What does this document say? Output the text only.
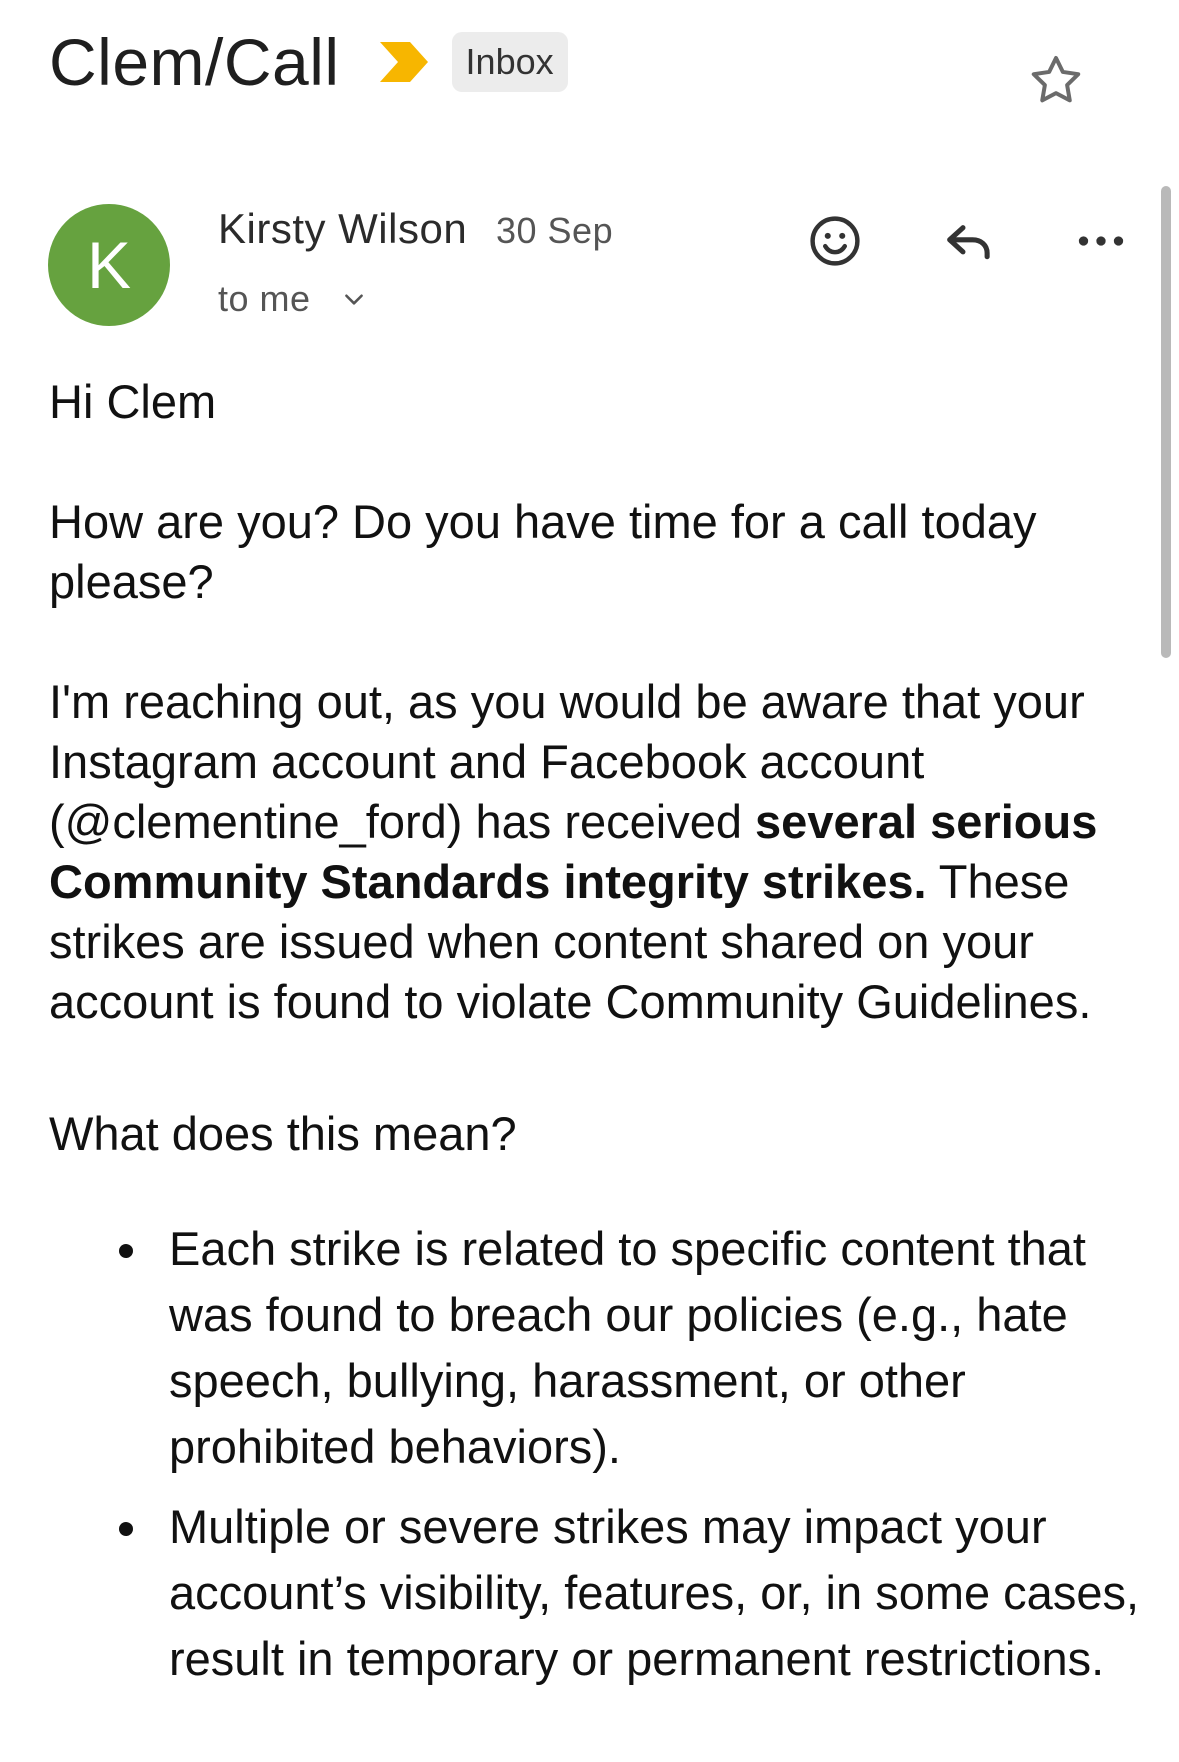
Clem/Call	Inbox
K Kirsty Wilson 30 Sep
to me

Hi Clem

How are you? Do you have time for a call today please?

I'm reaching out, as you would be aware that your Instagram account and Facebook account (@clementine_ford) has received several serious Community Standards integrity strikes. These strikes are issued when content shared on your account is found to violate Community Guidelines.

What does this mean?

Each strike is related to specific content that was found to breach our policies (e.g., hate speech, bullying, harassment, or other prohibited behaviors).
Multiple or severe strikes may impact your account’s visibility, features, or, in some cases, result in temporary or permanent restrictions.
